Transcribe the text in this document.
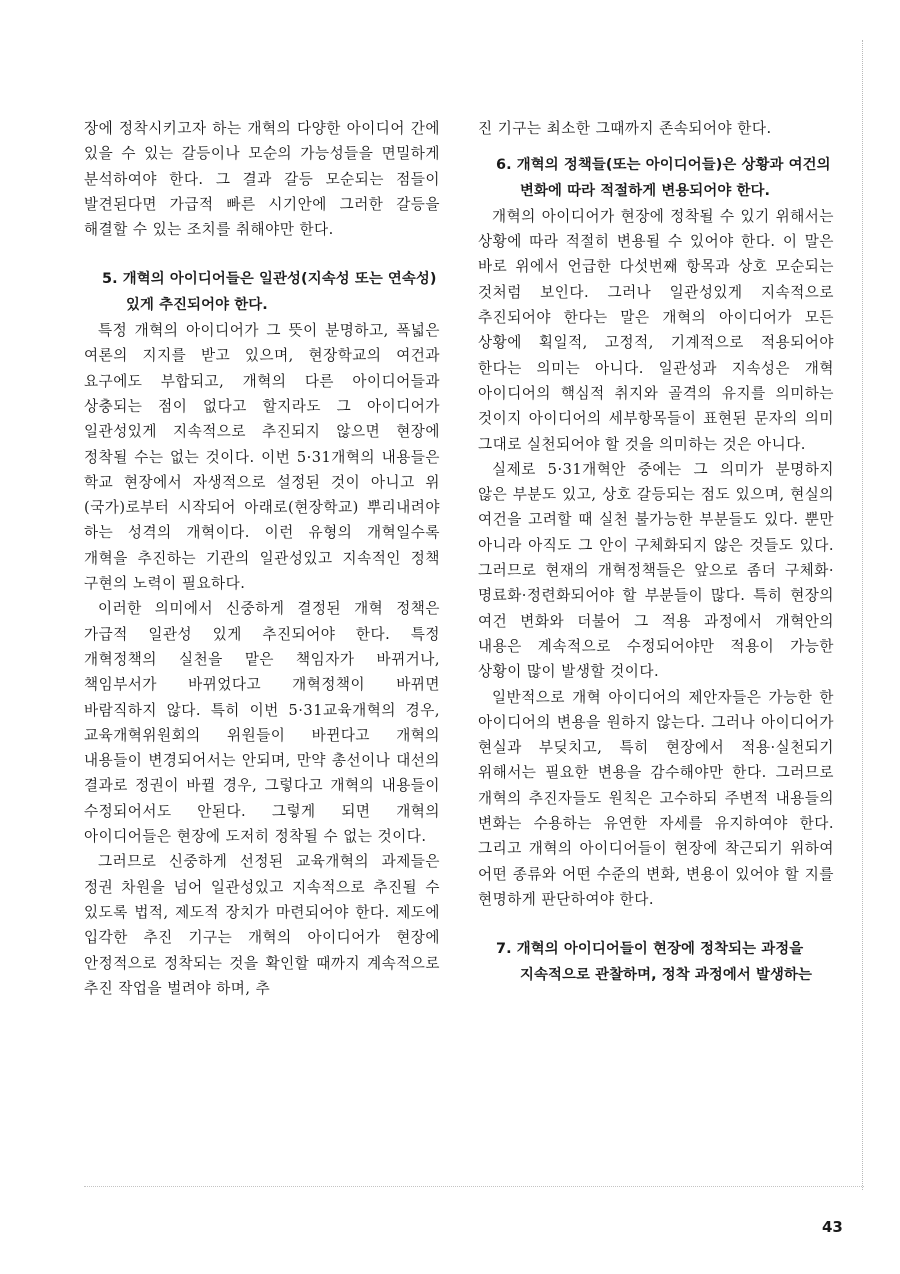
장에 정착시키고자 하는 개혁의 다양한 아이디어 간에 있을 수 있는 갈등이나 모순의 가능성들을 면밀하게 분석하여야 한다. 그 결과 갈등 모순되는 점들이 발견된다면 가급적 빠른 시기안에 그러한 갈등을 해결할 수 있는 조치를 취해야만 한다.

5. 개혁의 아이디어들은 일관성(지속성 또는 연속성) 있게 추진되어야 한다.

특정 개혁의 아이디어가 그 뜻이 분명하고, 폭넓은 여론의 지지를 받고 있으며, 현장학교의 여건과 요구에도 부합되고, 개혁의 다른 아이디어들과 상충되는 점이 없다고 할지라도 그 아이디어가 일관성있게 지속적으로 추진되지 않으면 현장에 정착될 수는 없는 것이다. 이번 5·31개혁의 내용들은 학교 현장에서 자생적으로 설정된 것이 아니고 위(국가)로부터 시작되어 아래로(현장학교) 뿌리내려야 하는 성격의 개혁이다. 이런 유형의 개혁일수록 개혁을 추진하는 기관의 일관성있고 지속적인 정책 구현의 노력이 필요하다.

이러한 의미에서 신중하게 결정된 개혁 정책은 가급적 일관성 있게 추진되어야 한다. 특정 개혁정책의 실천을 맡은 책임자가 바뀌거나, 책임부서가 바뀌었다고 개혁정책이 바뀌면 바람직하지 않다. 특히 이번 5·31교육개혁의 경우, 교육개혁위원회의 위원들이 바뀐다고 개혁의 내용들이 변경되어서는 안되며, 만약 총선이나 대선의 결과로 정권이 바뀔 경우, 그렇다고 개혁의 내용들이 수정되어서도 안된다. 그렇게 되면 개혁의 아이디어들은 현장에 도저히 정착될 수 없는 것이다.

그러므로 신중하게 선정된 교육개혁의 과제들은 정권 차원을 넘어 일관성있고 지속적으로 추진될 수 있도록 법적, 제도적 장치가 마련되어야 한다. 제도에 입각한 추진 기구는 개혁의 아이디어가 현장에 안정적으로 정착되는 것을 확인할 때까지 계속적으로 추진 작업을 벌려야 하며, 추

진 기구는 최소한 그때까지 존속되어야 한다.

6. 개혁의 정책들(또는 아이디어들)은 상황과 여건의 변화에 따라 적절하게 변용되어야 한다.

개혁의 아이디어가 현장에 정착될 수 있기 위해서는 상황에 따라 적절히 변용될 수 있어야 한다. 이 말은 바로 위에서 언급한 다섯번째 항목과 상호 모순되는 것처럼 보인다. 그러나 일관성있게 지속적으로 추진되어야 한다는 말은 개혁의 아이디어가 모든 상황에 획일적, 고정적, 기계적으로 적용되어야 한다는 의미는 아니다. 일관성과 지속성은 개혁 아이디어의 핵심적 취지와 골격의 유지를 의미하는 것이지 아이디어의 세부항목들이 표현된 문자의 의미 그대로 실천되어야 할 것을 의미하는 것은 아니다.

실제로 5·31개혁안 중에는 그 의미가 분명하지 않은 부분도 있고, 상호 갈등되는 점도 있으며, 현실의 여건을 고려할 때 실천 불가능한 부분들도 있다. 뿐만 아니라 아직도 그 안이 구체화되지 않은 것들도 있다. 그러므로 현재의 개혁정책들은 앞으로 좀더 구체화·명료화·정련화되어야 할 부분들이 많다. 특히 현장의 여건 변화와 더불어 그 적용 과정에서 개혁안의 내용은 계속적으로 수정되어야만 적용이 가능한 상황이 많이 발생할 것이다.

일반적으로 개혁 아이디어의 제안자들은 가능한 한 아이디어의 변용을 원하지 않는다. 그러나 아이디어가 현실과 부딪치고, 특히 현장에서 적용·실천되기 위해서는 필요한 변용을 감수해야만 한다. 그러므로 개혁의 추진자들도 원칙은 고수하되 주변적 내용들의 변화는 수용하는 유연한 자세를 유지하여야 한다. 그리고 개혁의 아이디어들이 현장에 착근되기 위하여 어떤 종류와 어떤 수준의 변화, 변용이 있어야 할 지를 현명하게 판단하여야 한다.

7. 개혁의 아이디어들이 현장에 정착되는 과정을 지속적으로 관찰하며, 정착 과정에서 발생하는
43
